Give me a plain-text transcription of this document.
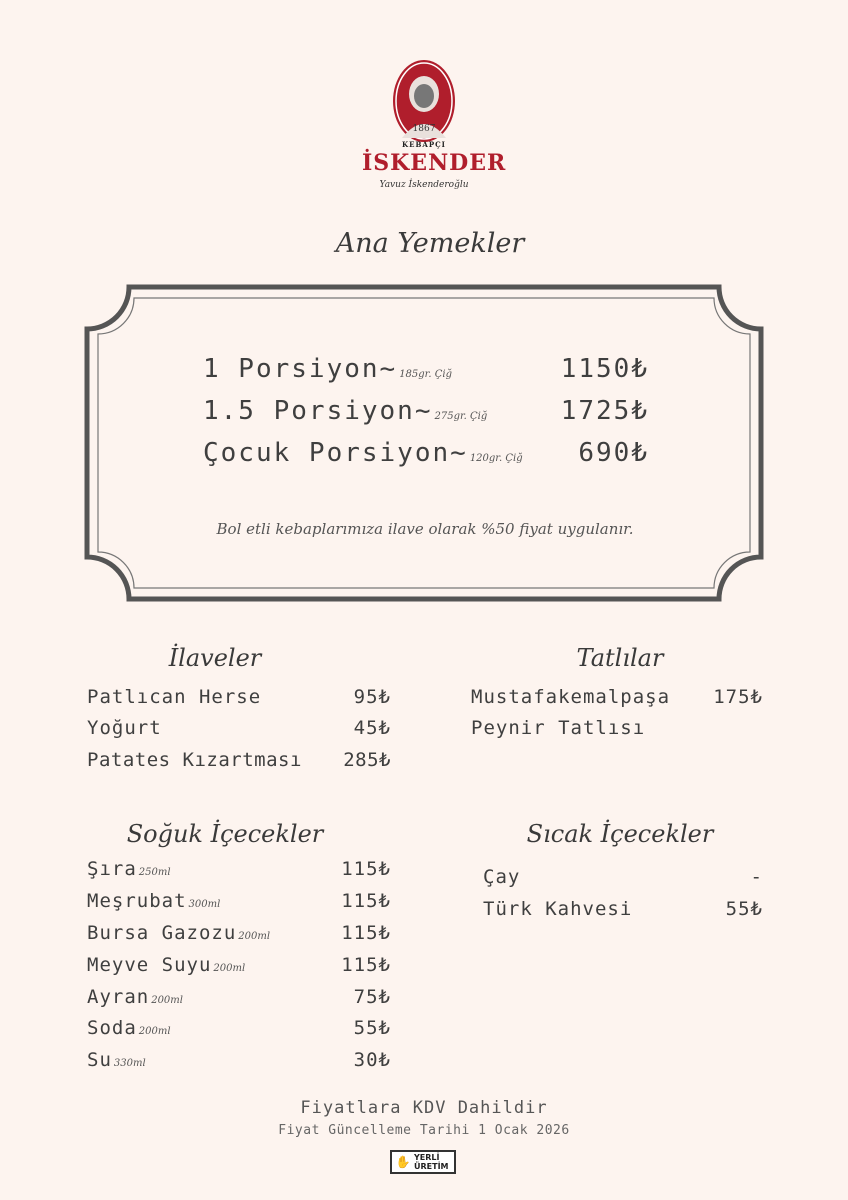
1867
KEBAPÇI
İSKENDER
Yavuz İskenderoğlu
Ana Yemekler
1 Porsiyon~ 185gr. Çiğ	1150₺
1.5 Porsiyon~ 275gr. Çiğ	1725₺
Çocuk Porsiyon~ 120gr. Çiğ 690₺
Bol etli kebaplarımıza ilave olarak %50 fiyat uygulanır.
İlaveler
Patlıcan Herse	95₺
Yoğurt	45₺
Patates Kızartması 285₺
Tatlılar
Mustafakemalpaşa 175₺
Peynir Tatlısı
Soğuk İçecekler
Şıra 250ml	115₺
Meşrubat 300ml	115₺
Bursa Gazozu 200ml	115₺
Meyve Suyu 200ml	115₺
Ayran 200ml	75₺
Soda 200ml	55₺
Su 330ml	30₺
Sıcak İçecekler
Çay	-
Türk Kahvesi	55₺
Fiyatlara KDV Dahildir
Fiyat Güncelleme Tarihi 1 Ocak 2026
✋ YERLİ
ÜRETİM
